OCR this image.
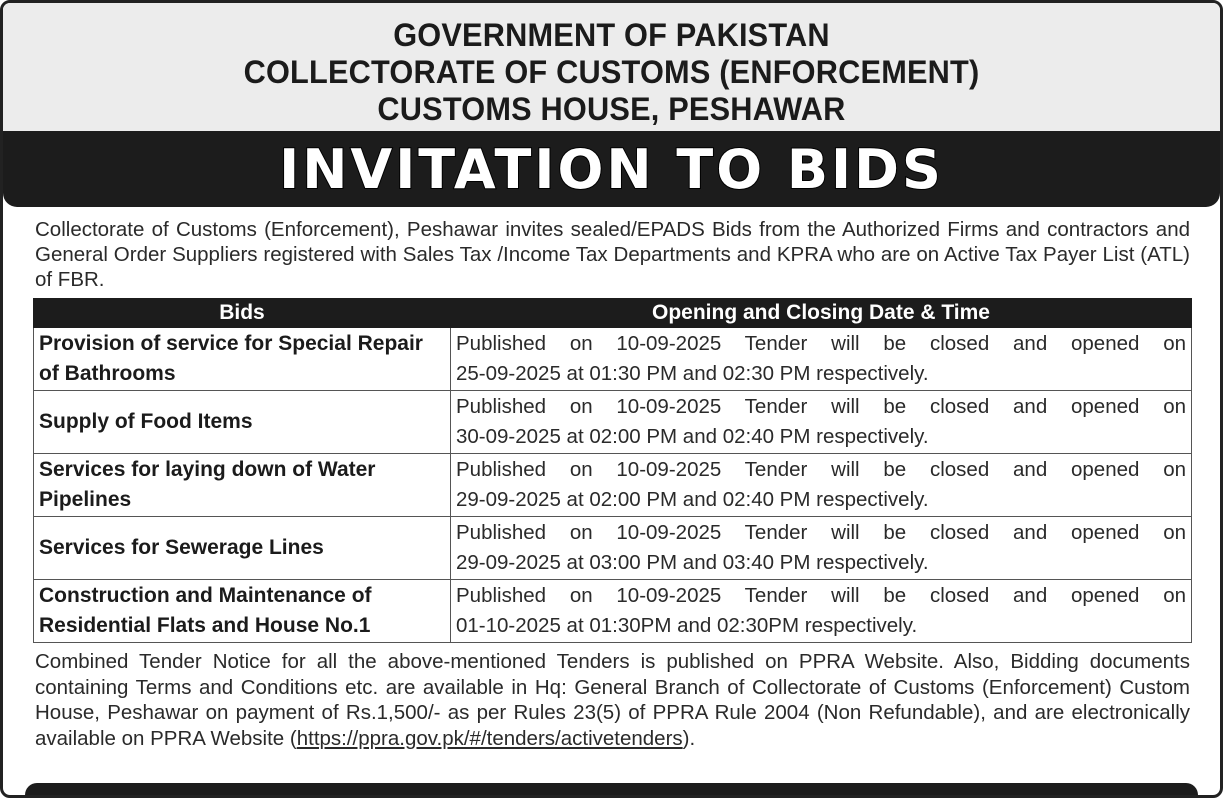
GOVERNMENT OF PAKISTAN
COLLECTORATE OF CUSTOMS (ENFORCEMENT)
CUSTOMS HOUSE, PESHAWAR
INVITATION TO BIDS
Collectorate of Customs (Enforcement), Peshawar invites sealed/EPADS Bids from the Authorized Firms and contractors and General Order Suppliers registered with Sales Tax /Income Tax Departments and KPRA who are on Active Tax Payer List (ATL) of FBR.
Bids	Opening and Closing Date & Time
Provision of service for Special Repair of Bathrooms	Published on 10-09-2025 Tender will be closed and opened on
25-09-2025 at 01:30 PM and 02:30 PM respectively.
Supply of Food Items	Published on 10-09-2025 Tender will be closed and opened on
30-09-2025 at 02:00 PM and 02:40 PM respectively.
Services for laying down of Water Pipelines	Published on 10-09-2025 Tender will be closed and opened on
29-09-2025 at 02:00 PM and 02:40 PM respectively.
Services for Sewerage Lines	Published on 10-09-2025 Tender will be closed and opened on
29-09-2025 at 03:00 PM and 03:40 PM respectively.
Construction and Maintenance of Residential Flats and House No.1	Published on 10-09-2025 Tender will be closed and opened on
01-10-2025 at 01:30PM and 02:30PM respectively.
Combined Tender Notice for all the above-mentioned Tenders is published on PPRA Website. Also, Bidding documents containing Terms and Conditions etc. are available in Hq: General Branch of Collectorate of Customs (Enforcement) Custom House, Peshawar on payment of Rs.1,500/- as per Rules 23(5) of PPRA Rule 2004 (Non Refundable), and are electronically available on PPRA Website (https://ppra.gov.pk/#/tenders/activetenders).
